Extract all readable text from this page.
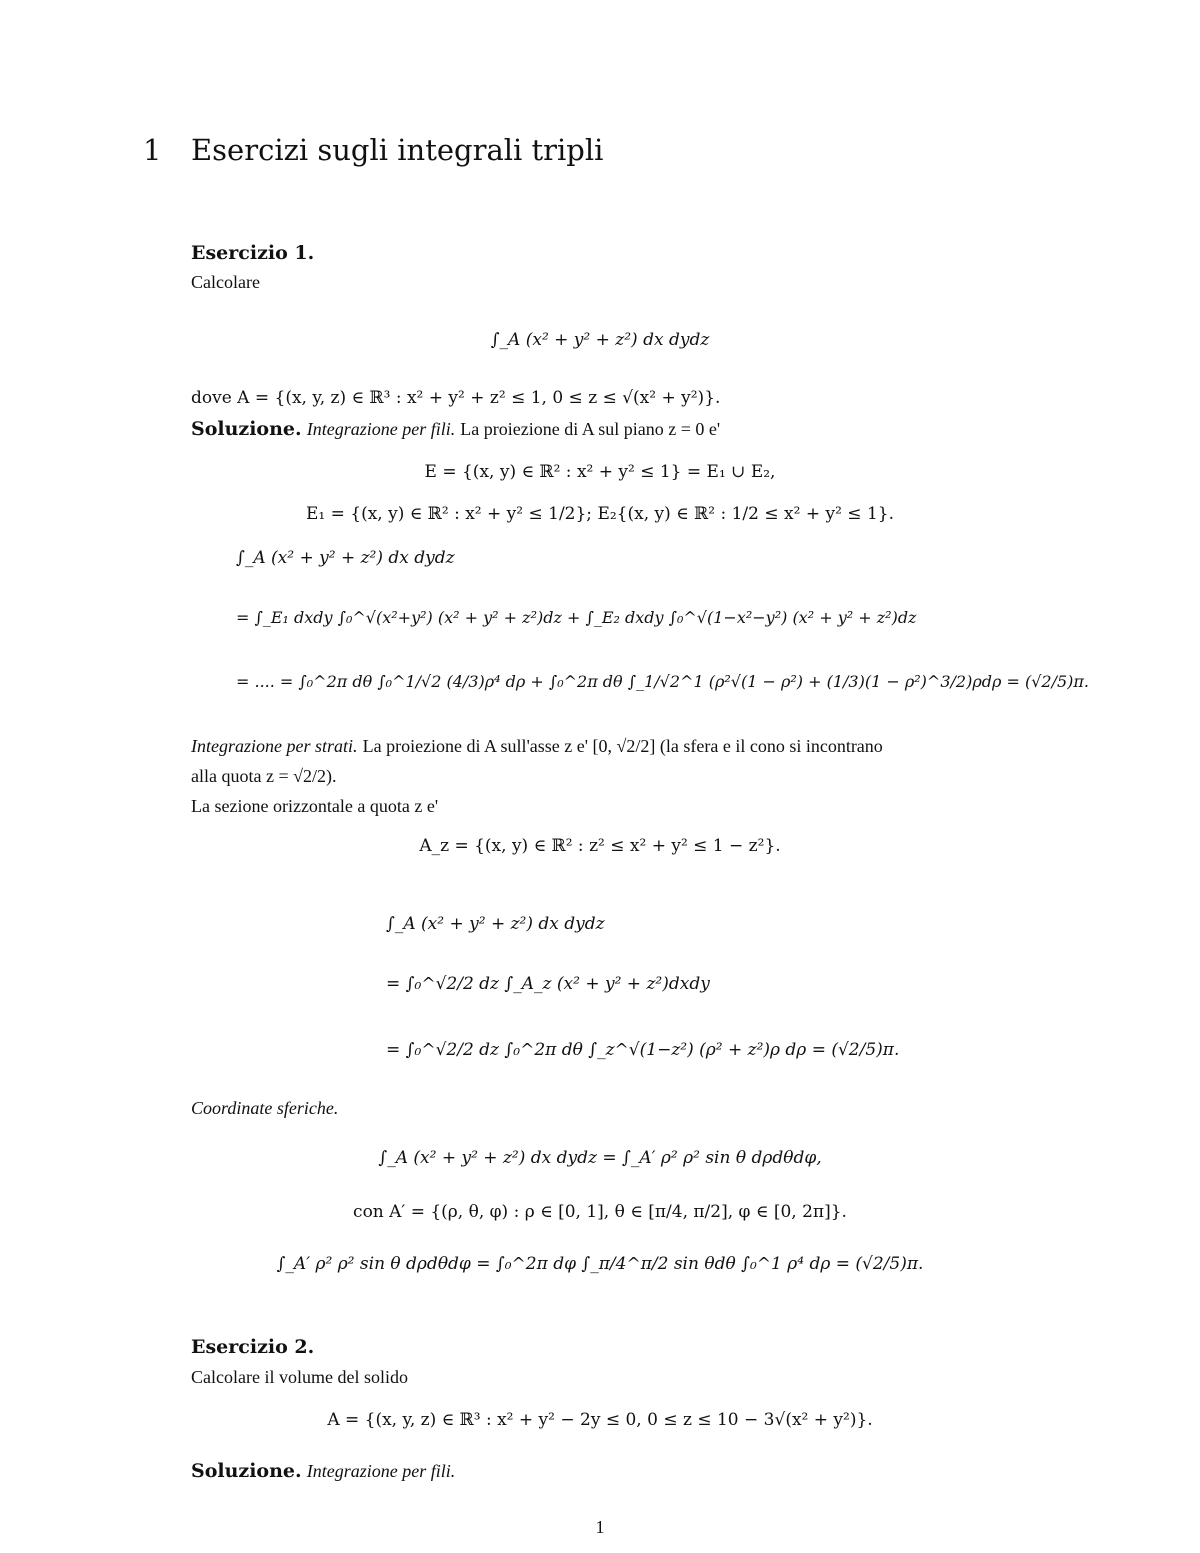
1 Esercizi sugli integrali tripli
Esercizio 1.
Calcolare
∫_A (x² + y² + z²) dx dydz
dove A = {(x, y, z) ∈ ℝ³ : x² + y² + z² ≤ 1, 0 ≤ z ≤ √(x² + y²)}.
Soluzione. Integrazione per fili. La proiezione di A sul piano z = 0 e'
E = {(x, y) ∈ ℝ² : x² + y² ≤ 1} = E₁ ∪ E₂,
E₁ = {(x, y) ∈ ℝ² : x² + y² ≤ 1/2}; E₂{(x, y) ∈ ℝ² : 1/2 ≤ x² + y² ≤ 1}.
∫_A (x² + y² + z²) dx dydz
= ∫_E₁ dxdy ∫₀^√(x²+y²) (x² + y² + z²)dz + ∫_E₂ dxdy ∫₀^√(1−x²−y²) (x² + y² + z²)dz
= .... = ∫₀^2π dθ ∫₀^1/√2 (4/3)ρ⁴ dρ + ∫₀^2π dθ ∫_1/√2^1 (ρ²√(1 − ρ²) + (1/3)(1 − ρ²)^3/2)ρdρ = (√2/5)π.
Integrazione per strati. La proiezione di A sull'asse z e' [0, √2/2] (la sfera e il cono si incontrano
alla quota z = √2/2).
La sezione orizzontale a quota z e'
A_z = {(x, y) ∈ ℝ² : z² ≤ x² + y² ≤ 1 − z²}.
∫_A (x² + y² + z²) dx dydz
= ∫₀^√2/2 dz ∫_A_z (x² + y² + z²)dxdy
= ∫₀^√2/2 dz ∫₀^2π dθ ∫_z^√(1−z²) (ρ² + z²)ρ dρ = (√2/5)π.
Coordinate sferiche.
∫_A (x² + y² + z²) dx dydz = ∫_A′ ρ² ρ² sin θ dρdθdφ,
con A′ = {(ρ, θ, φ) : ρ ∈ [0, 1], θ ∈ [π/4, π/2], φ ∈ [0, 2π]}.
∫_A′ ρ² ρ² sin θ dρdθdφ = ∫₀^2π dφ ∫_π/4^π/2 sin θdθ ∫₀^1 ρ⁴ dρ = (√2/5)π.
Esercizio 2.
Calcolare il volume del solido
A = {(x, y, z) ∈ ℝ³ : x² + y² − 2y ≤ 0, 0 ≤ z ≤ 10 − 3√(x² + y²)}.
Soluzione. Integrazione per fili.
1
